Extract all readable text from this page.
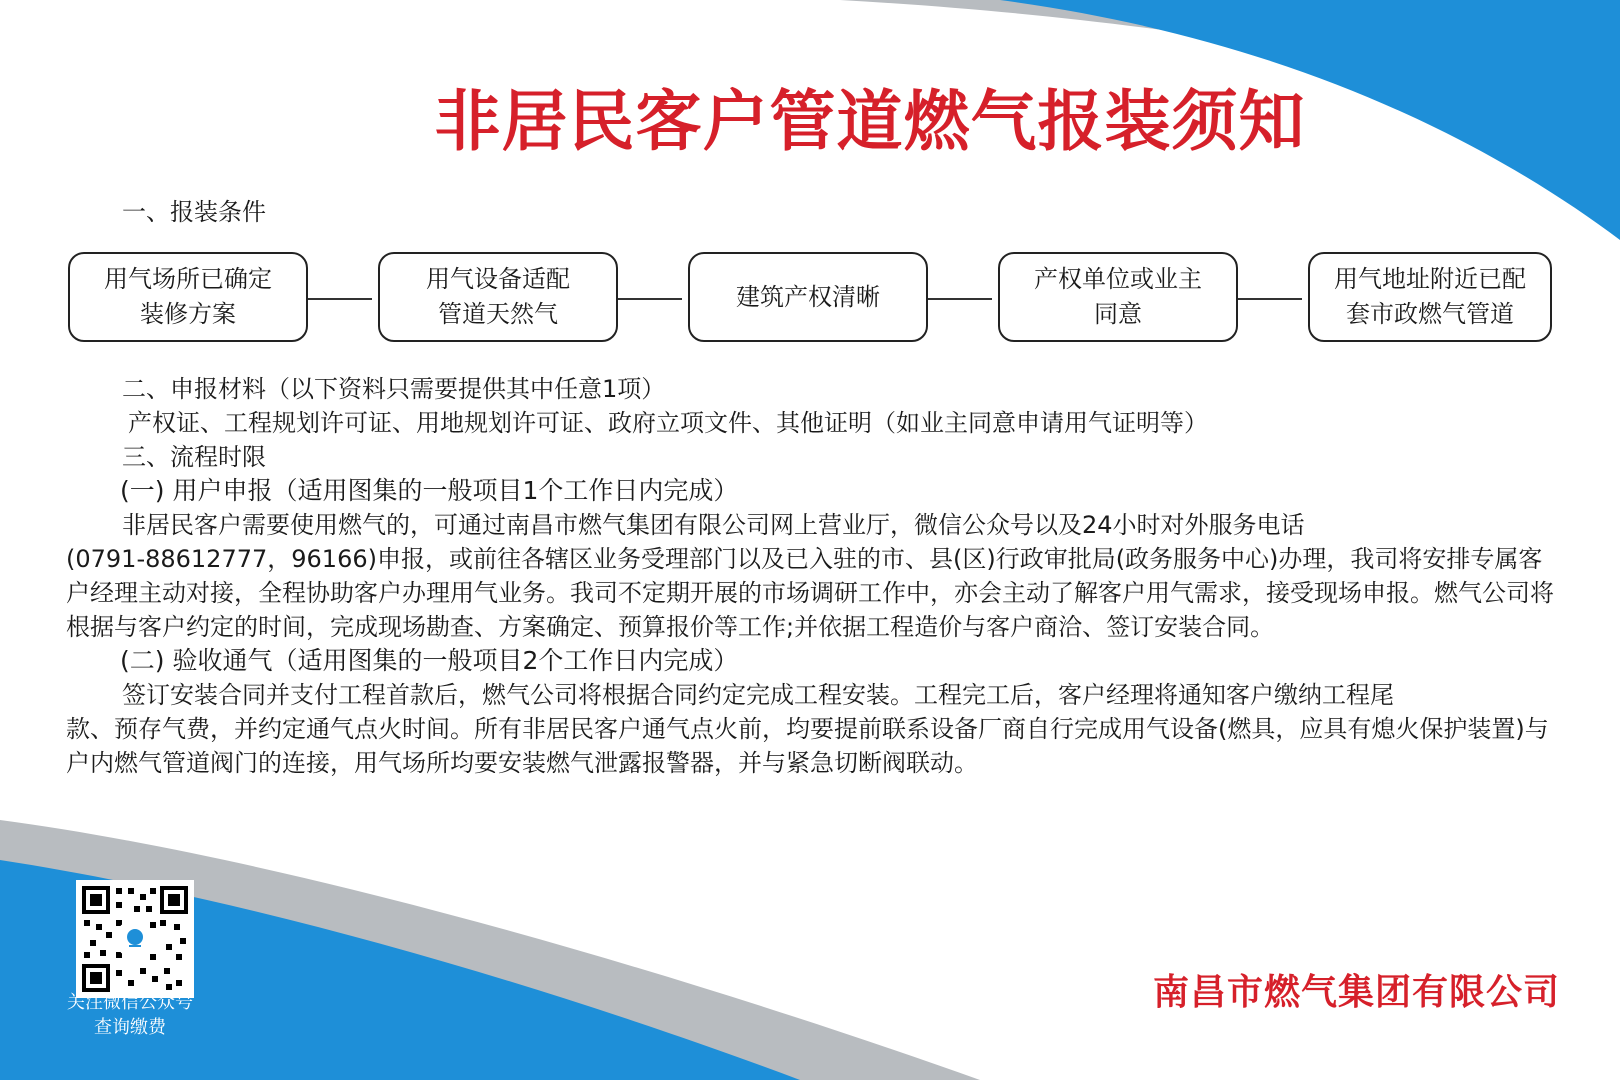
非居民客户管道燃气报装须知
一、报装条件
用气场所已确定
装修方案
用气设备适配
管道天然气
建筑产权清晰
产权单位或业主
同意
用气地址附近已配
套市政燃气管道
二、申报材料（以下资料只需要提供其中任意1项）
产权证、工程规划许可证、用地规划许可证、政府立项文件、其他证明（如业主同意申请用气证明等）
三、流程时限
(一) 用户申报（适用图集的一般项目1个工作日内完成）
非居民客户需要使用燃气的，可通过南昌市燃气集团有限公司网上营业厅，微信公众号以及24小时对外服务电话
(0791-88612777，96166)申报，或前往各辖区业务受理部门以及已入驻的市、县(区)行政审批局(政务服务中心)办理，我司将安排专属客户经理主动对接，全程协助客户办理用气业务。我司不定期开展的市场调研工作中，亦会主动了解客户用气需求，接受现场申报。燃气公司将根据与客户约定的时间，完成现场勘查、方案确定、预算报价等工作;并依据工程造价与客户商洽、签订安装合同。
(二) 验收通气（适用图集的一般项目2个工作日内完成）
签订安装合同并支付工程首款后，燃气公司将根据合同约定完成工程安装。工程完工后，客户经理将通知客户缴纳工程尾
款、预存气费，并约定通气点火时间。所有非居民客户通气点火前，均要提前联系设备厂商自行完成用气设备(燃具，应具有熄火保护装置)与户内燃气管道阀门的连接，用气场所均要安装燃气泄露报警器，并与紧急切断阀联动。
关注微信公众号
查询缴费
南昌市燃气集团有限公司
